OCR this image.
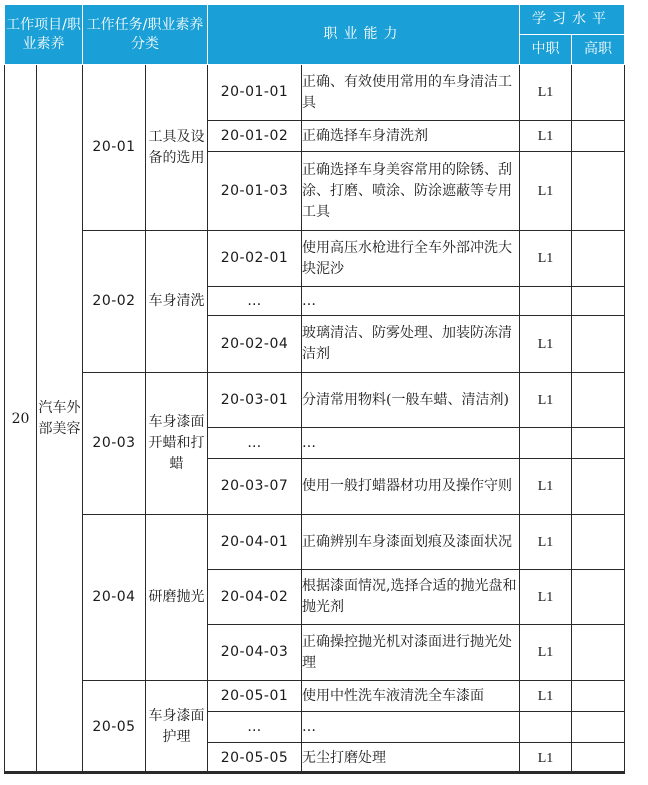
工作项目/职业素养		工作任务/职业素养分类		职业能力		学习水平	
						中职	高职
20	汽车外部美容	20-01	工具及设备的选用	20-01-01	正确、有效使用常用的车身清洁工具	L1	
				20-01-02	正确选择车身清洗剂	L1	
				20-01-03	正确选择车身美容常用的除锈、刮涂、打磨、喷涂、防涂遮蔽等专用工具	L1	
		20-02	车身清洗	20-02-01	使用高压水枪进行全车外部冲洗大块泥沙	L1	
				…	…		
				20-02-04	玻璃清洁、防雾处理、加装防冻清洁剂	L1	
		20-03	车身漆面开蜡和打蜡	20-03-01	分清常用物料(一般车蜡、清洁剂)	L1	
				…	…		
				20-03-07	使用一般打蜡器材功用及操作守则	L1	
		20-04	研磨抛光	20-04-01	正确辨别车身漆面划痕及漆面状况	L1	
				20-04-02	根据漆面情况,选择合适的抛光盘和抛光剂	L1	
				20-04-03	正确操控抛光机对漆面进行抛光处理	L1	
		20-05	车身漆面护理	20-05-01	使用中性洗车液清洗全车漆面	L1	
				…	…		
				20-05-05	无尘打磨处理	L1	
